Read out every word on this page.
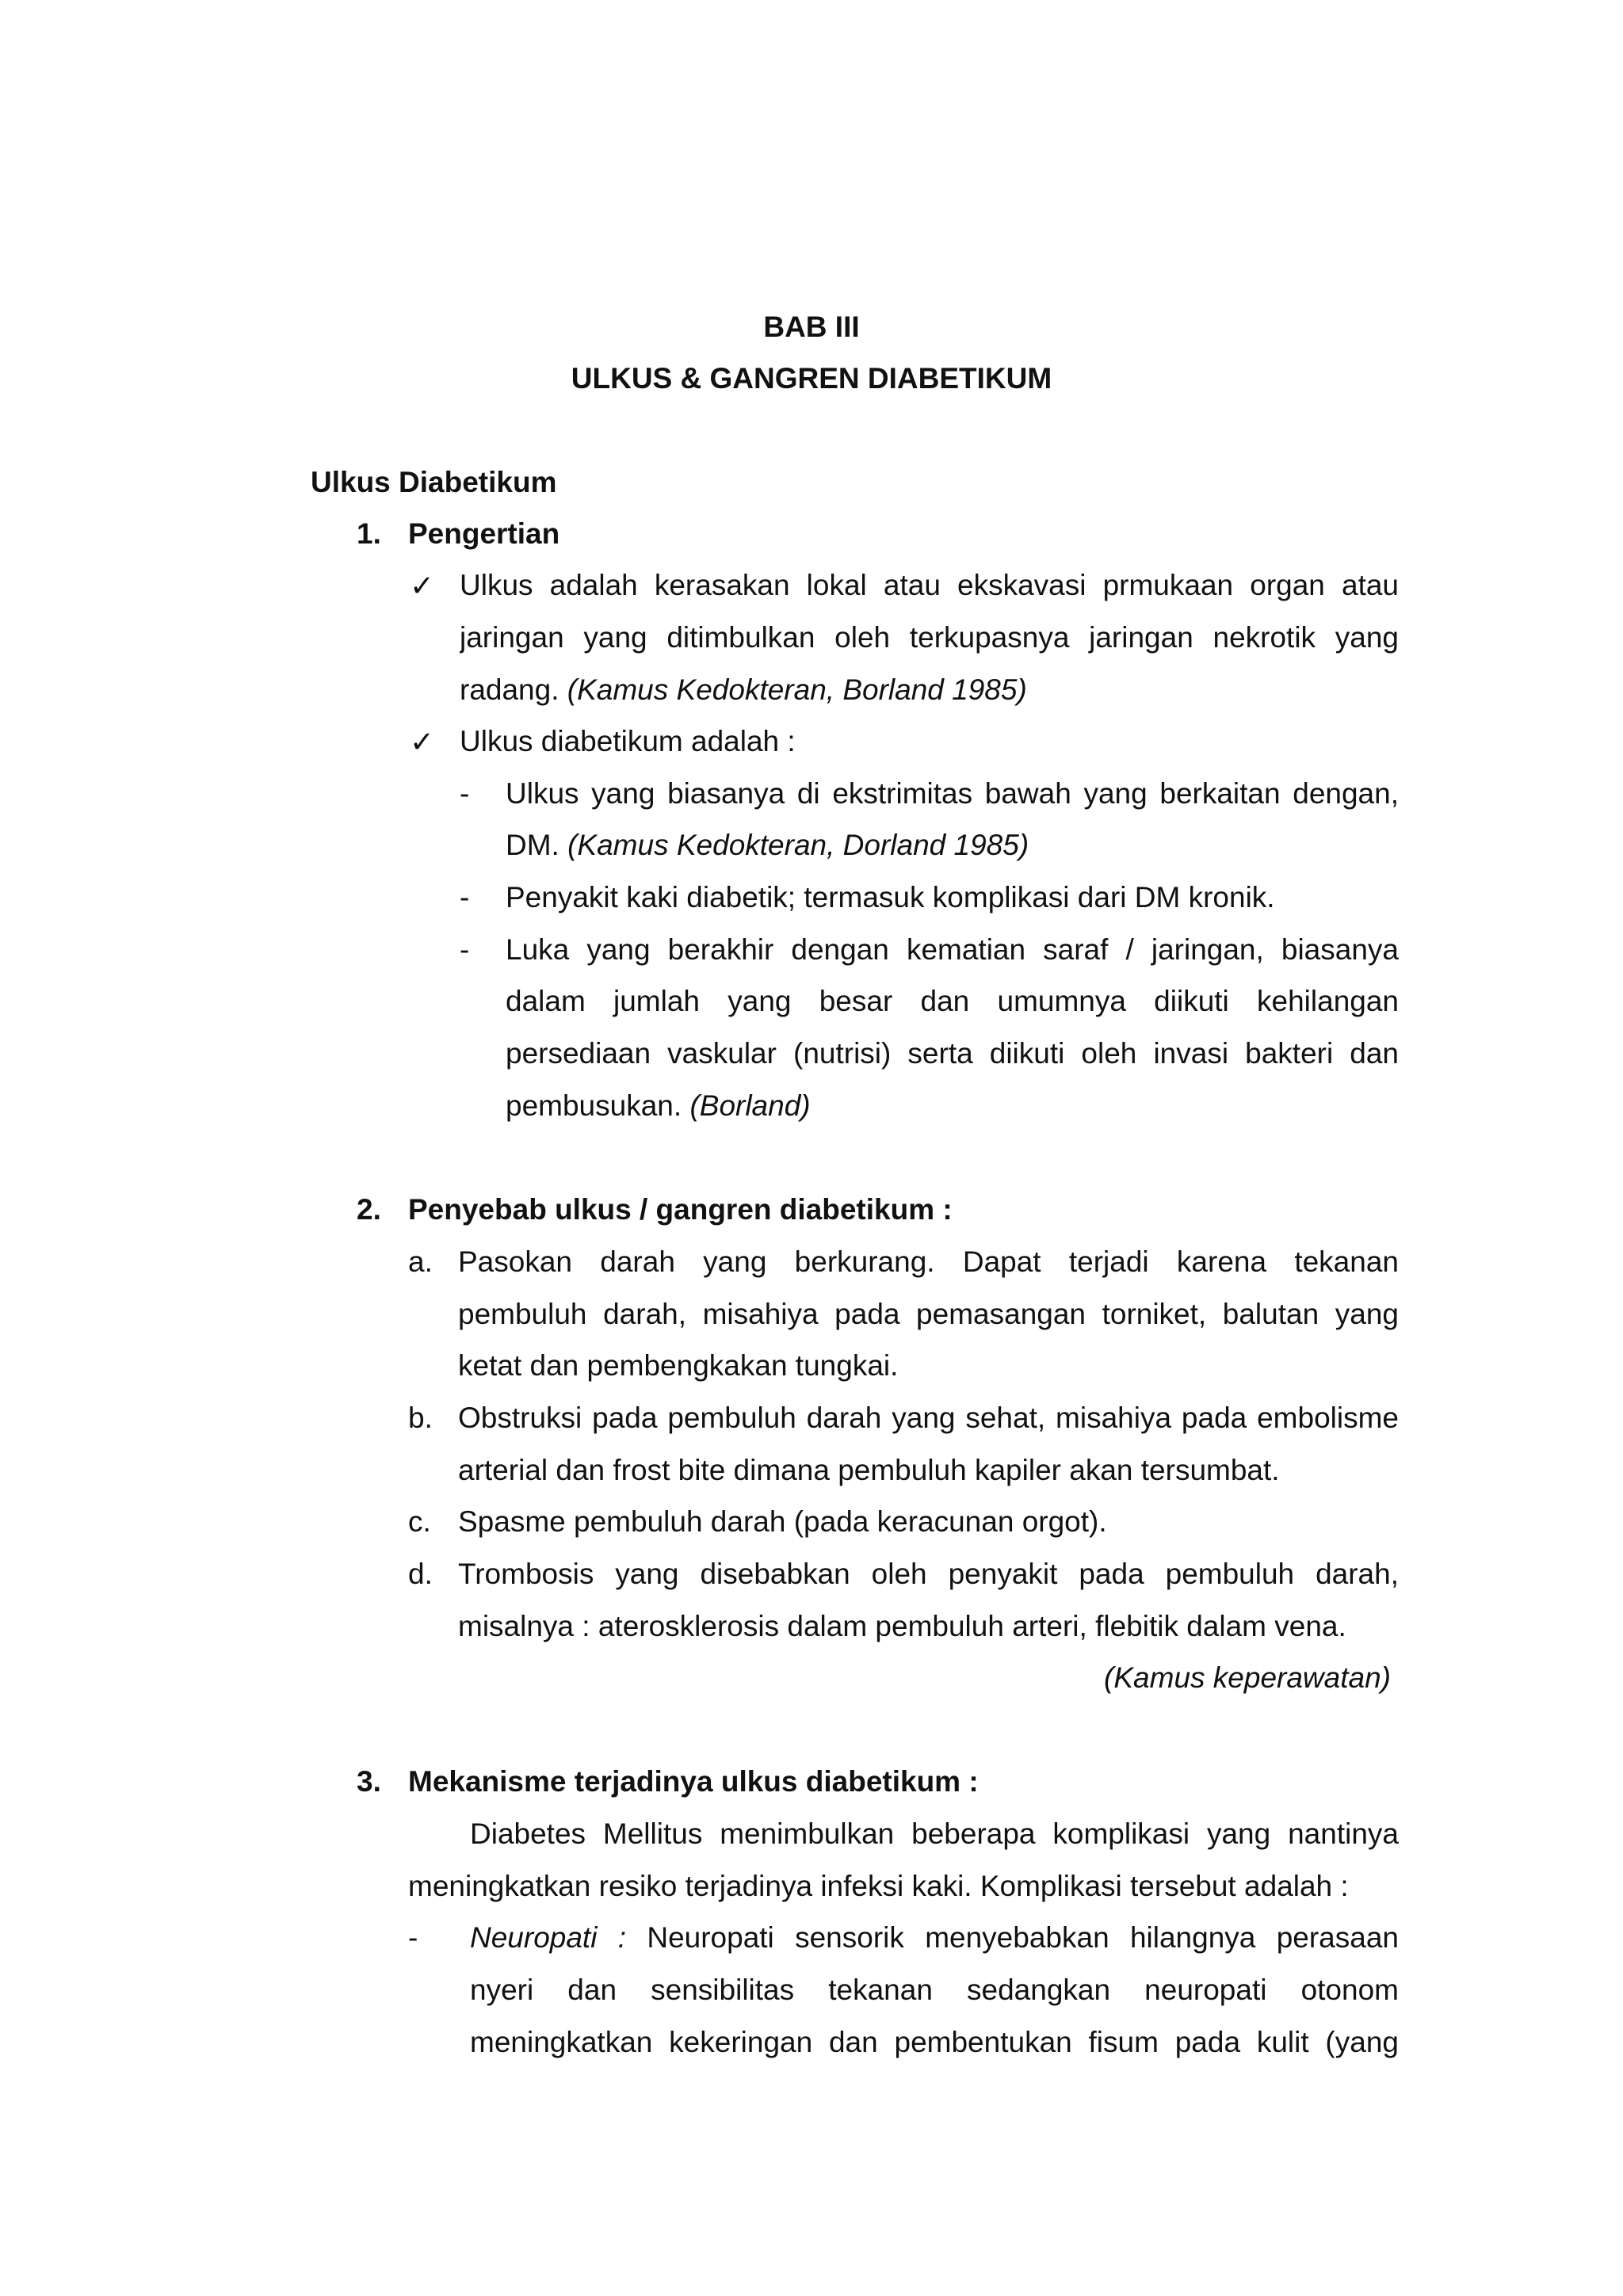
BAB III
ULKUS & GANGREN DIABETIKUM
Ulkus Diabetikum
1. Pengertian
✓ Ulkus adalah kerasakan lokal atau ekskavasi prmukaan organ atau
jaringan yang ditimbulkan oleh terkupasnya jaringan nekrotik yang
radang. (Kamus Kedokteran, Borland 1985)
✓ Ulkus diabetikum adalah :
- Ulkus yang biasanya di ekstrimitas bawah yang berkaitan dengan,
DM. (Kamus Kedokteran, Dorland 1985)
- Penyakit kaki diabetik; termasuk komplikasi dari DM kronik.
- Luka yang berakhir dengan kematian saraf / jaringan, biasanya
dalam jumlah yang besar dan umumnya diikuti kehilangan
persediaan vaskular (nutrisi) serta diikuti oleh invasi bakteri dan
pembusukan. (Borland)
2. Penyebab ulkus / gangren diabetikum :
a. Pasokan darah yang berkurang. Dapat terjadi karena tekanan
pembuluh darah, misahiya pada pemasangan torniket, balutan yang
ketat dan pembengkakan tungkai.
b. Obstruksi pada pembuluh darah yang sehat, misahiya pada embolisme
arterial dan frost bite dimana pembuluh kapiler akan tersumbat.
c. Spasme pembuluh darah (pada keracunan orgot).
d. Trombosis yang disebabkan oleh penyakit pada pembuluh darah,
misalnya : aterosklerosis dalam pembuluh arteri, flebitik dalam vena.
(Kamus keperawatan)
3. Mekanisme terjadinya ulkus diabetikum :
Diabetes Mellitus menimbulkan beberapa komplikasi yang nantinya
meningkatkan resiko terjadinya infeksi kaki. Komplikasi tersebut adalah :
- Neuropati : Neuropati sensorik menyebabkan hilangnya perasaan
nyeri dan sensibilitas tekanan sedangkan neuropati otonom
meningkatkan kekeringan dan pembentukan fisum pada kulit (yang
